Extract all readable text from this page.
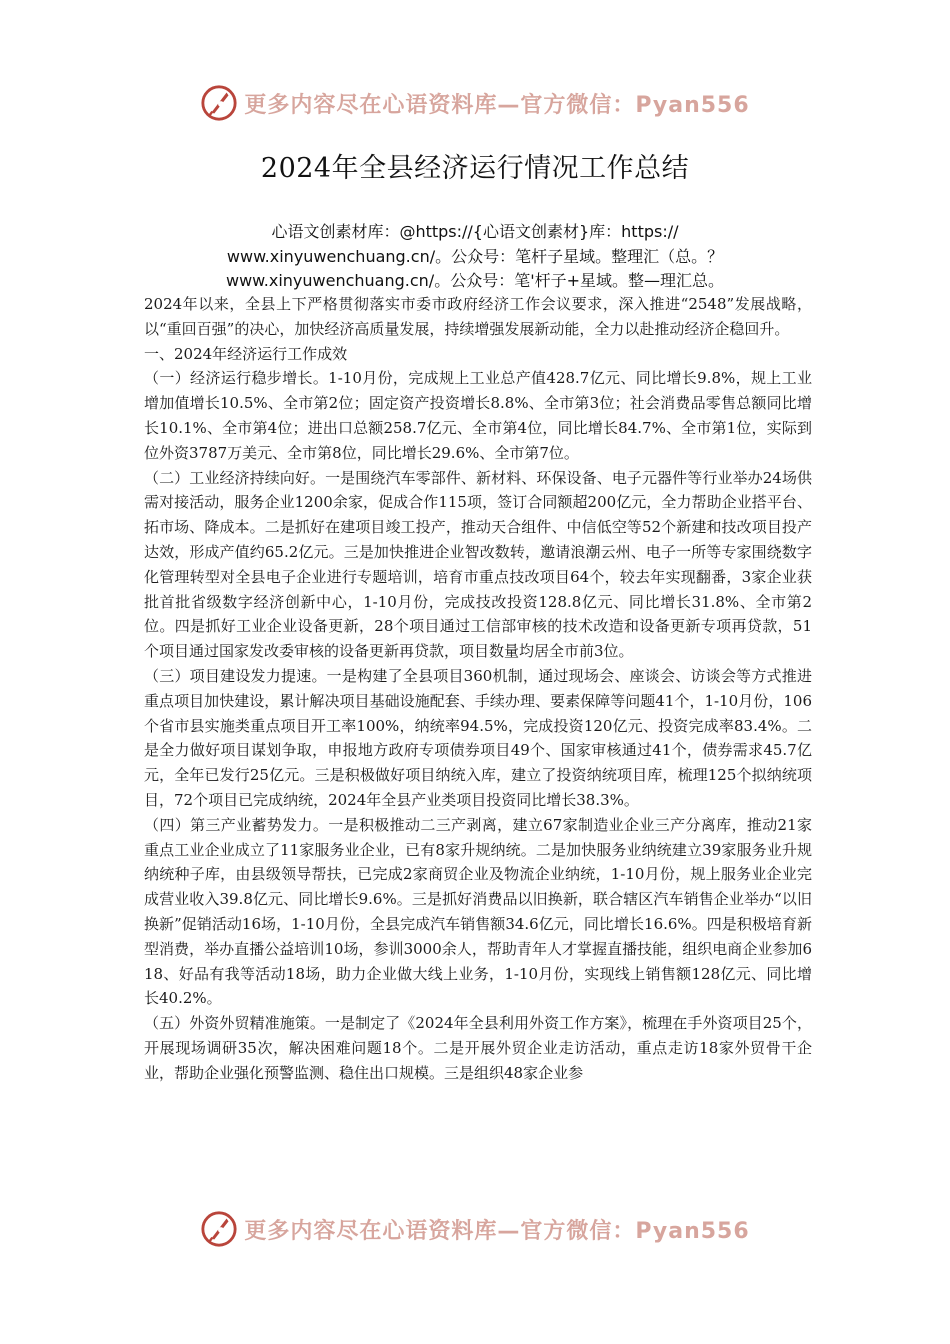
更多内容尽在心语资料库—官方微信：Pyan556
2024年全县经济运行情况工作总结
心语文创素材库：@https://{心语文创素材}库：https://
www.xinyuwenchuang.cn/。公众号：笔杆子星域。整理汇（总。？
www.xinyuwenchuang.cn/。公众号：笔'杆子+星域。整—理汇总。

2024年以来，全县上下严格贯彻落实市委市政府经济工作会议要求，深入推进“2548”发展战略，以“重回百强”的决心，加快经济高质量发展，持续增强发展新动能，全力以赴推动经济企稳回升。

一、2024年经济运行工作成效

（一）经济运行稳步增长。1-10月份，完成规上工业总产值428.7亿元、同比增长9.8%，规上工业增加值增长10.5%、全市第2位；固定资产投资增长8.8%、全市第3位；社会消费品零售总额同比增长10.1%、全市第4位；进出口总额258.7亿元、全市第4位，同比增长84.7%、全市第1位，实际到位外资3787万美元、全市第8位，同比增长29.6%、全市第7位。

（二）工业经济持续向好。一是围绕汽车零部件、新材料、环保设备、电子元器件等行业举办24场供需对接活动，服务企业1200余家，促成合作115项，签订合同额超200亿元，全力帮助企业搭平台、拓市场、降成本。二是抓好在建项目竣工投产，推动天合组件、中信低空等52个新建和技改项目投产达效，形成产值约65.2亿元。三是加快推进企业智改数转，邀请浪潮云州、电子一所等专家围绕数字化管理转型对全县电子企业进行专题培训，培育市重点技改项目64个，较去年实现翻番，3家企业获批首批省级数字经济创新中心，1-10月份，完成技改投资128.8亿元、同比增长31.8%、全市第2位。四是抓好工业企业设备更新，28个项目通过工信部审核的技术改造和设备更新专项再贷款，51个项目通过国家发改委审核的设备更新再贷款，项目数量均居全市前3位。

（三）项目建设发力提速。一是构建了全县项目360机制，通过现场会、座谈会、访谈会等方式推进重点项目加快建设，累计解决项目基础设施配套、手续办理、要素保障等问题41个，1-10月份，106个省市县实施类重点项目开工率100%，纳统率94.5%，完成投资120亿元、投资完成率83.4%。二是全力做好项目谋划争取，申报地方政府专项债券项目49个、国家审核通过41个，债券需求45.7亿元，全年已发行25亿元。三是积极做好项目纳统入库，建立了投资纳统项目库，梳理125个拟纳统项目，72个项目已完成纳统，2024年全县产业类项目投资同比增长38.3%。

（四）第三产业蓄势发力。一是积极推动二三产剥离，建立67家制造业企业三产分离库，推动21家重点工业企业成立了11家服务业企业，已有8家升规纳统。二是加快服务业纳统建立39家服务业升规纳统种子库，由县级领导帮扶，已完成2家商贸企业及物流企业纳统，1-10月份，规上服务业企业完成营业收入39.8亿元、同比增长9.6%。三是抓好消费品以旧换新，联合辖区汽车销售企业举办“以旧换新”促销活动16场，1-10月份，全县完成汽车销售额34.6亿元，同比增长16.6%。四是积极培育新型消费，举办直播公益培训10场，参训3000余人，帮助青年人才掌握直播技能，组织电商企业参加618、好品有我等活动18场，助力企业做大线上业务，1-10月份，实现线上销售额128亿元、同比增长40.2%。

（五）外资外贸精准施策。一是制定了《2024年全县利用外资工作方案》，梳理在手外资项目25个，开展现场调研35次，解决困难问题18个。二是开展外贸企业走访活动，重点走访18家外贸骨干企业，帮助企业强化预警监测、稳住出口规模。三是组织48家企业参

更多内容尽在心语资料库—官方微信：Pyan556
